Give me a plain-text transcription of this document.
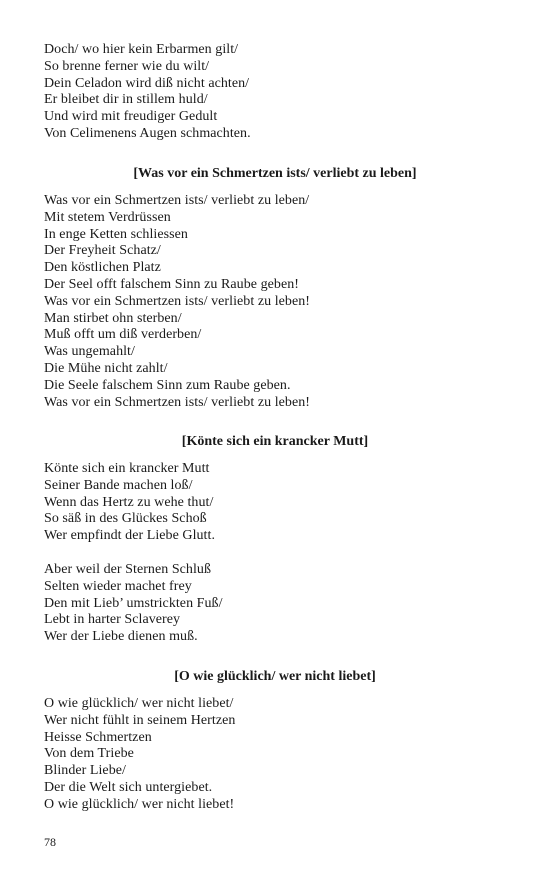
Doch/ wo hier kein Erbarmen gilt/
So brenne ferner wie du wilt/
Dein Celadon wird diß nicht achten/
Er bleibet dir in stillem huld/
Und wird mit freudiger Gedult
Von Celimenens Augen schmachten.
[Was vor ein Schmertzen ists/ verliebt zu leben]
Was vor ein Schmertzen ists/ verliebt zu leben/
Mit stetem Verdrüssen
In enge Ketten schliessen
Der Freyheit Schatz/
Den köstlichen Platz
Der Seel offt falschem Sinn zu Raube geben!
Was vor ein Schmertzen ists/ verliebt zu leben!
Man stirbet ohn sterben/
Muß offt um diß verderben/
Was ungemahlt/
Die Mühe nicht zahlt/
Die Seele falschem Sinn zum Raube geben.
Was vor ein Schmertzen ists/ verliebt zu leben!
[Könte sich ein krancker Mutt]
Könte sich ein krancker Mutt
Seiner Bande machen loß/
Wenn das Hertz zu wehe thut/
So säß in des Glückes Schoß
Wer empfindt der Liebe Glutt.
Aber weil der Sternen Schluß
Selten wieder machet frey
Den mit Lieb’ umstrickten Fuß/
Lebt in harter Sclaverey
Wer der Liebe dienen muß.
[O wie glücklich/ wer nicht liebet]
O wie glücklich/ wer nicht liebet/
Wer nicht fühlt in seinem Hertzen
Heisse Schmertzen
Von dem Triebe
Blinder Liebe/
Der die Welt sich untergiebet.
O wie glücklich/ wer nicht liebet!
78
